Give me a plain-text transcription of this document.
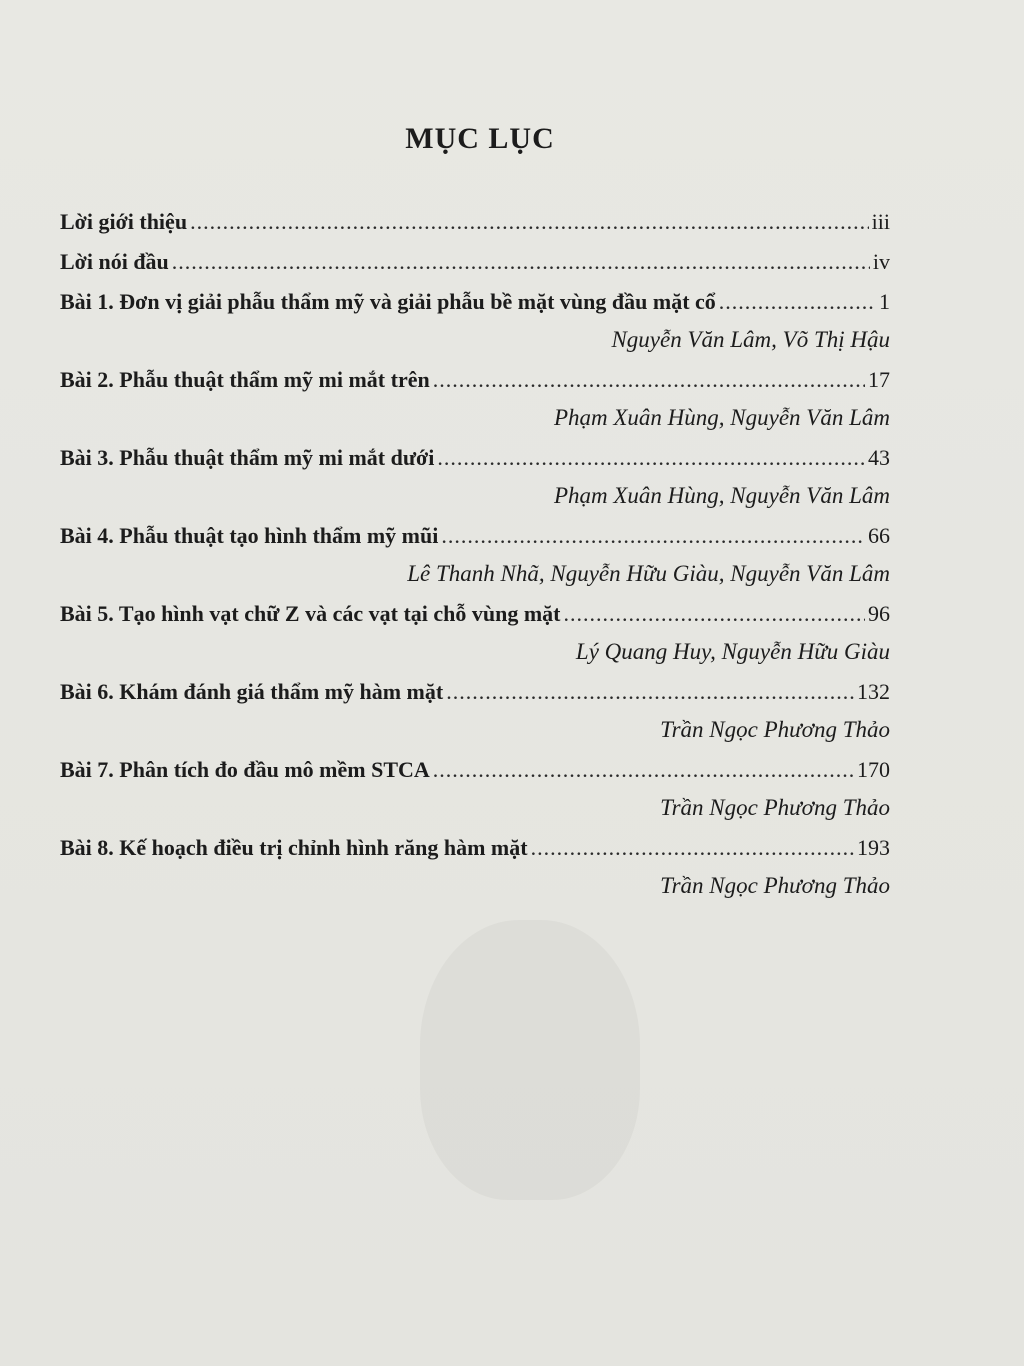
MỤC LỤC
Lời giới thiệu .....	iii
Lời nói đầu .....	iv
Bài 1. Đơn vị giải phẫu thẩm mỹ và giải phẫu bề mặt vùng đầu mặt cổ .....	1
Nguyễn Văn Lâm, Võ Thị Hậu
Bài 2. Phẫu thuật thẩm mỹ mi mắt trên .....	17
Phạm Xuân Hùng, Nguyễn Văn Lâm
Bài 3. Phẫu thuật thẩm mỹ mi mắt dưới .....	43
Phạm Xuân Hùng, Nguyễn Văn Lâm
Bài 4. Phẫu thuật tạo hình thẩm mỹ mũi .....	66
Lê Thanh Nhã, Nguyễn Hữu Giàu, Nguyễn Văn Lâm
Bài 5. Tạo hình vạt chữ Z và các vạt tại chỗ vùng mặt .....	96
Lý Quang Huy, Nguyễn Hữu Giàu
Bài 6. Khám đánh giá thẩm mỹ hàm mặt .....	132
Trần Ngọc Phương Thảo
Bài 7. Phân tích đo đầu mô mềm STCA .....	170
Trần Ngọc Phương Thảo
Bài 8. Kế hoạch điều trị chỉnh hình răng hàm mặt .....	193
Trần Ngọc Phương Thảo
